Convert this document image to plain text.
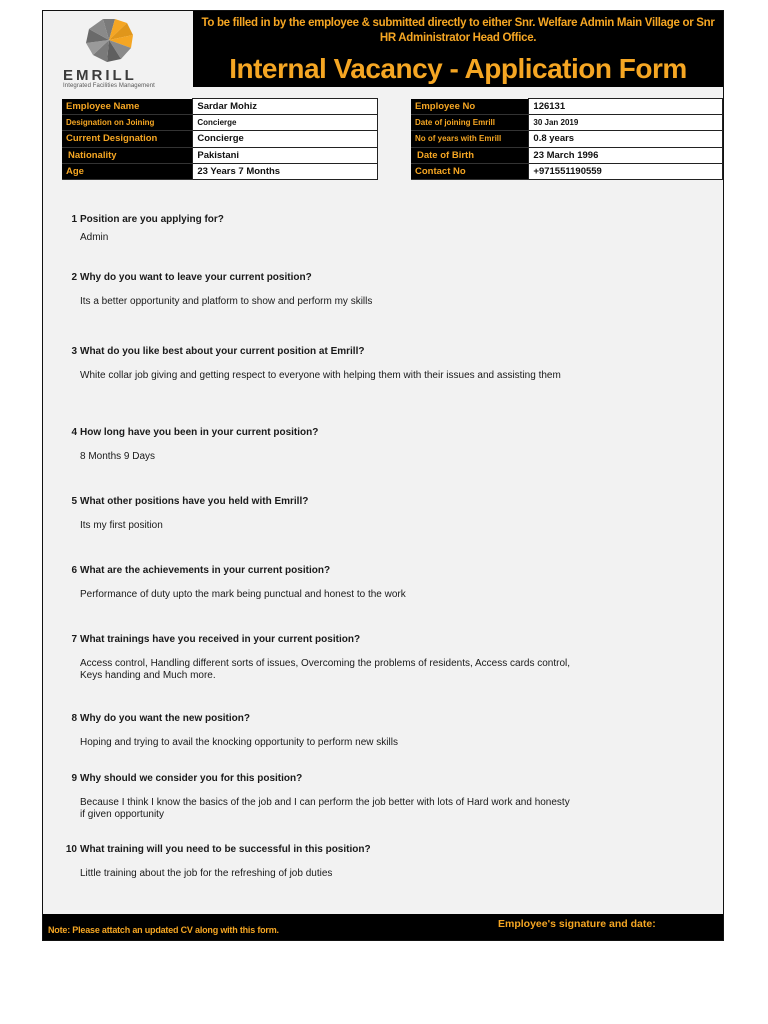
EMRILL
Integrated Facilities Management
To be filled in by the employee & submitted directly to either Snr. Welfare Admin Main Village or Snr HR Administrator Head Office.
Internal Vacancy - Application Form
Employee Name	Sardar Mohiz
Designation on Joining	Concierge
Current Designation	Concierge
Nationality	Pakistani
Age	23 Years 7 Months
Employee No	126131
Date of joining Emrill	30 Jan 2019
No of years with Emrill	0.8 years
Date of Birth	23 March 1996
Contact No	+971551190559
1 Position are you applying for?
Admin
2 Why do you want to leave your current position?
Its a better opportunity and platform to show and perform my skills
3 What do you like best about your current position at Emrill?
White collar job giving and getting respect to everyone with helping them with their issues and assisting them
4 How long have you been in your current position?
8 Months 9 Days
5 What other positions have you held with Emrill?
Its my first position
6 What are the achievements in your current position?
Performance of duty upto the mark being punctual and honest to the work
7 What trainings have you received in your current position?
Access control, Handling different sorts of issues, Overcoming the problems of residents, Access cards control,
Keys handing and Much more.
8 Why do you want the new position?
Hoping and trying to avail the knocking opportunity to perform new skills
9 Why should we consider you for this position?
Because I think I know the basics of the job and I can perform the job better with lots of Hard work and honesty
if given opportunity
10 What training will you need to be successful in this position?
Little training about the job for the refreshing of job duties
Note: Please attatch an updated CV along with this form.	Employee's signature and date:
